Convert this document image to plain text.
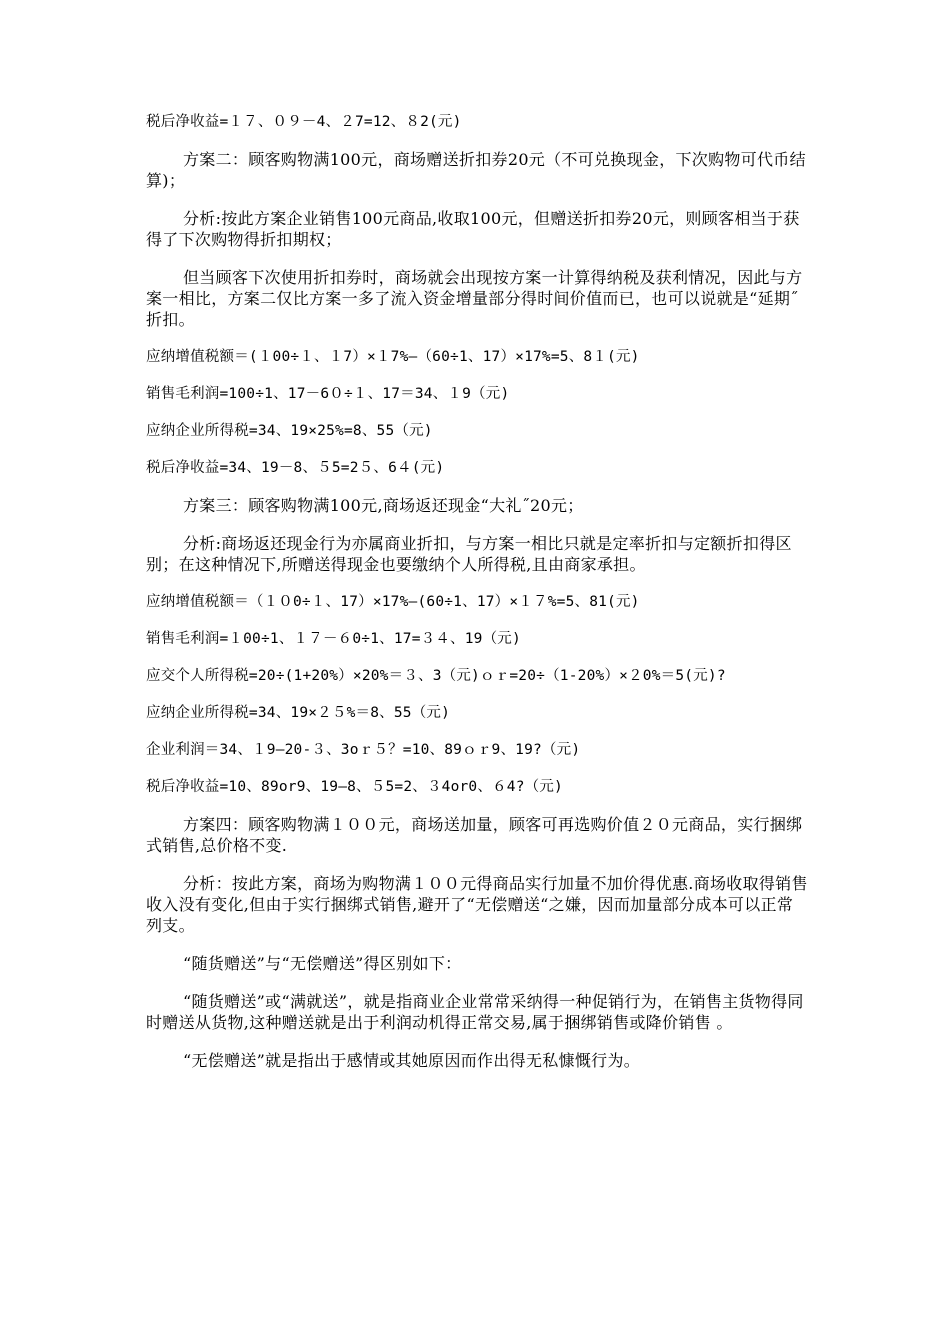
税后净收益=１７、０９－4、２7=12、８2(元)

方案二：顾客购物满100元，商场赠送折扣券20元（不可兑换现金，下次购物可代币结算)；

分析:按此方案企业销售100元商品,收取100元，但赠送折扣券20元，则顾客相当于获得了下次购物得折扣期权；

但当顾客下次使用折扣券时，商场就会出现按方案一计算得纳税及获利情况，因此与方案一相比，方案二仅比方案一多了流入资金增量部分得时间价值而已，也可以说就是“延期˝折扣。

应纳增值税额＝(１00÷１、１7）×１7%—（60÷1、17）×17%=5、8１(元)

销售毛利润=100÷1、17－6０÷１、17＝34、１9（元)

应纳企业所得税=34、19×25%=8、55（元)

税后净收益=34、19－8、５5=2５、6４(元)

方案三：顾客购物满100元,商场返还现金“大礼˝20元；

分析:商场返还现金行为亦属商业折扣，与方案一相比只就是定率折扣与定额折扣得区别；在这种情况下,所赠送得现金也要缴纳个人所得税,且由商家承担。

应纳增值税额＝（１０0÷１、17）×17%—(60÷1、17）×１７%=5、81(元)

销售毛利润=１00÷1、１７－６0÷1、17=３４、19（元)

应交个人所得税=20÷(1+20%）×20%＝３、3（元)ｏｒ=20÷（1-20%）×２0%＝5(元)?

应纳企业所得税=34、19×２５%＝8、55（元)

企业利润＝34、１9—20-３、3oｒ５？=10、89ｏｒ9、19?（元)

税后净收益=10、89or9、19—8、５5=2、３4or0、６4?（元)

方案四：顾客购物满１００元，商场送加量，顾客可再选购价值２０元商品，实行捆绑式销售,总价格不变.

分析：按此方案，商场为购物满１００元得商品实行加量不加价得优惠.商场收取得销售收入没有变化,但由于实行捆绑式销售,避开了“无偿赠送“之嫌，因而加量部分成本可以正常列支。

“随货赠送”与“无偿赠送”得区别如下：

“随货赠送”或“满就送”，就是指商业企业常常采纳得一种促销行为，在销售主货物得同时赠送从货物,这种赠送就是出于利润动机得正常交易,属于捆绑销售或降价销售 。

“无偿赠送”就是指出于感情或其她原因而作出得无私慷慨行为。
